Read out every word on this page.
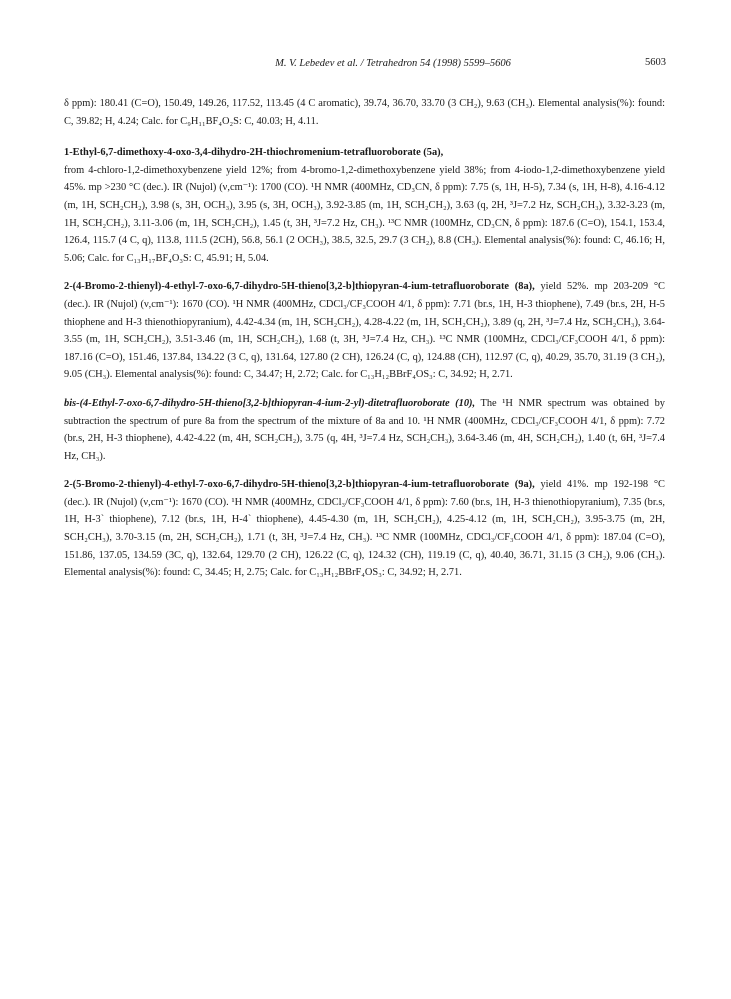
M. V. Lebedev et al. / Tetrahedron 54 (1998) 5599–5606	5603

δ ppm): 180.41 (C=O), 150.49, 149.26, 117.52, 113.45 (4 C aromatic), 39.74, 36.70, 33.70 (3 CH₂), 9.63 (CH₃). Elemental analysis(%): found: C, 39.82; H, 4.24; Calc. for C₉H₁₁BF₄O₂S: C, 40.03; H, 4.11.

1-Ethyl-6,7-dimethoxy-4-oxo-3,4-dihydro-2H-thiochromenium-tetrafluoroborate (5a),
from 4-chloro-1,2-dimethoxybenzene yield 12%; from 4-bromo-1,2-dimethoxybenzene yield 38%; from 4-iodo-1,2-dimethoxybenzene yield 45%. mp >230 °C (dec.). IR (Nujol) (ν,cm⁻¹): 1700 (CO). ¹H NMR (400MHz, CD₃CN, δ ppm): 7.75 (s, 1H, H-5), 7.34 (s, 1H, H-8), 4.16-4.12 (m, 1H, SCH₂CH₂), 3.98 (s, 3H, OCH₃), 3.95 (s, 3H, OCH₃), 3.92-3.85 (m, 1H, SCH₂CH₂), 3.63 (q, 2H, ³J=7.2 Hz, SCH₂CH₃), 3.32-3.23 (m, 1H, SCH₂CH₂), 3.11-3.06 (m, 1H, SCH₂CH₂), 1.45 (t, 3H, ³J=7.2 Hz, CH₃). ¹³C NMR (100MHz, CD₃CN, δ ppm): 187.6 (C=O), 154.1, 153.4, 126.4, 115.7 (4 C, q), 113.8, 111.5 (2CH), 56.8, 56.1 (2 OCH₃), 38.5, 32.5, 29.7 (3 CH₂), 8.8 (CH₃). Elemental analysis(%): found: C, 46.16; H, 5.06; Calc. for C₁₃H₁₇BF₄O₃S: C, 45.91; H, 5.04.

2-(4-Bromo-2-thienyl)-4-ethyl-7-oxo-6,7-dihydro-5H-thieno[3,2-b]thiopyran-4-ium-tetrafluoroborate (8a), yield 52%. mp 203-209 °C (dec.). IR (Nujol) (ν,cm⁻¹): 1670 (CO). ¹H NMR (400MHz, CDCl₃/CF₃COOH 4/1, δ ppm): 7.71 (br.s, 1H, H-3 thiophene), 7.49 (br.s, 2H, H-5 thiophene and H-3 thienothiopyranium), 4.42-4.34 (m, 1H, SCH₂CH₂), 4.28-4.22 (m, 1H, SCH₂CH₂), 3.89 (q, 2H, ³J=7.4 Hz, SCH₂CH₃), 3.64-3.55 (m, 1H, SCH₂CH₂), 3.51-3.46 (m, 1H, SCH₂CH₂), 1.68 (t, 3H, ³J=7.4 Hz, CH₃). ¹³C NMR (100MHz, CDCl₃/CF₃COOH 4/1, δ ppm): 187.16 (C=O), 151.46, 137.84, 134.22 (3 C, q), 131.64, 127.80 (2 CH), 126.24 (C, q), 124.88 (CH), 112.97 (C, q), 40.29, 35.70, 31.19 (3 CH₂), 9.05 (CH₃). Elemental analysis(%): found: C, 34.47; H, 2.72; Calc. for C₁₃H₁₂BBrF₄OS₃: C, 34.92; H, 2.71.

bis-(4-Ethyl-7-oxo-6,7-dihydro-5H-thieno[3,2-b]thiopyran-4-ium-2-yl)-ditetrafluoroborate (10), The ¹H NMR spectrum was obtained by subtraction the spectrum of pure 8a from the spectrum of the mixture of 8a and 10. ¹H NMR (400MHz, CDCl₃/CF₃COOH 4/1, δ ppm): 7.72 (br.s, 2H, H-3 thiophene), 4.42-4.22 (m, 4H, SCH₂CH₂), 3.75 (q, 4H, ³J=7.4 Hz, SCH₂CH₃), 3.64-3.46 (m, 4H, SCH₂CH₂), 1.40 (t, 6H, ³J=7.4 Hz, CH₃).

2-(5-Bromo-2-thienyl)-4-ethyl-7-oxo-6,7-dihydro-5H-thieno[3,2-b]thiopyran-4-ium-tetrafluoroborate (9a), yield 41%. mp 192-198 °C (dec.). IR (Nujol) (ν,cm⁻¹): 1670 (CO). ¹H NMR (400MHz, CDCl₃/CF₃COOH 4/1, δ ppm): 7.60 (br.s, 1H, H-3 thienothiopyranium), 7.35 (br.s, 1H, H-3` thiophene), 7.12 (br.s, 1H, H-4` thiophene), 4.45-4.30 (m, 1H, SCH₂CH₂), 4.25-4.12 (m, 1H, SCH₂CH₂), 3.95-3.75 (m, 2H, SCH₂CH₃), 3.70-3.15 (m, 2H, SCH₂CH₂), 1.71 (t, 3H, ³J=7.4 Hz, CH₃). ¹³C NMR (100MHz, CDCl₃/CF₃COOH 4/1, δ ppm): 187.04 (C=O), 151.86, 137.05, 134.59 (3C, q), 132.64, 129.70 (2 CH), 126.22 (C, q), 124.32 (CH), 119.19 (C, q), 40.40, 36.71, 31.15 (3 CH₂), 9.06 (CH₃). Elemental analysis(%): found: C, 34.45; H, 2.75; Calc. for C₁₃H₁₂BBrF₄OS₃: C, 34.92; H, 2.71.
